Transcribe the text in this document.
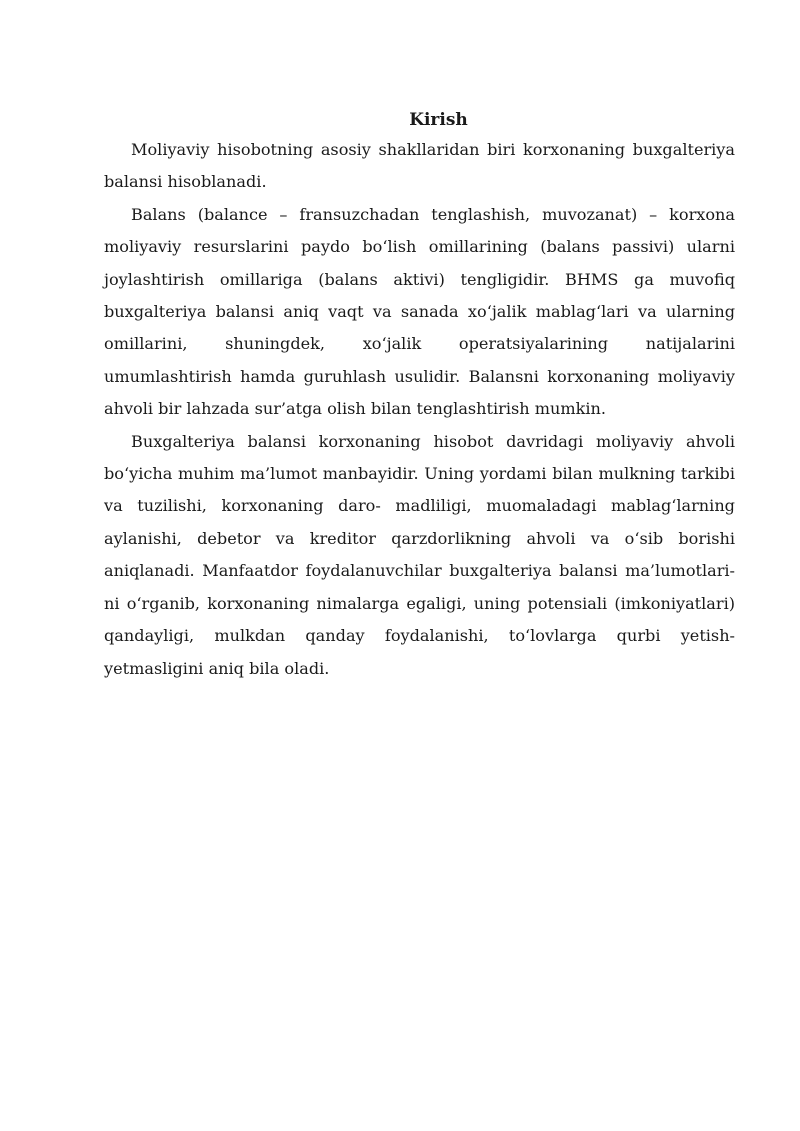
Kirish

Moliyaviy hisobotning asosiy shakllaridan biri korxonaning buxgalteriya balansi hisoblanadi.

Balans (balance – fransuzchadan tenglashish, muvozanat) – korxona moliyaviy resurslarini paydo bo‘lish omillarining (balans passivi) ularni joylashtirish omillariga (balans aktivi) tengligidir. BHMS ga muvofiq buxgalteriya balansi aniq vaqt va sanada xo‘jalik mablag‘lari va ularning omillarini, shuningdek, xo‘jalik operatsiyalarining natijalarini umumlashtirish hamda guruhlash usulidir. Balansni korxonaning moliyaviy ahvoli bir lahzada sur’atga olish bilan tenglashtirish mumkin.

Buxgalteriya balansi korxonaning hisobot davridagi moliyaviy ahvoli bo‘yicha muhim ma’lumot manbayidir. Uning yordami bilan mulkning tarkibi va tuzilishi, korxonaning daro- madliligi, muomaladagi mablag‘larning aylanishi, debetor va kreditor qarzdorlikning ahvoli va o‘sib borishi aniqlanadi. Manfaatdor foydalanuvchilar buxgalteriya balansi ma’lumotlari- ni o‘rganib, korxonaning nimalarga egaligi, uning potensiali (imkoniyatlari) qandayligi, mulkdan qanday foydalanishi, to‘lovlarga qurbi yetish-yetmasligini aniq bila oladi.
